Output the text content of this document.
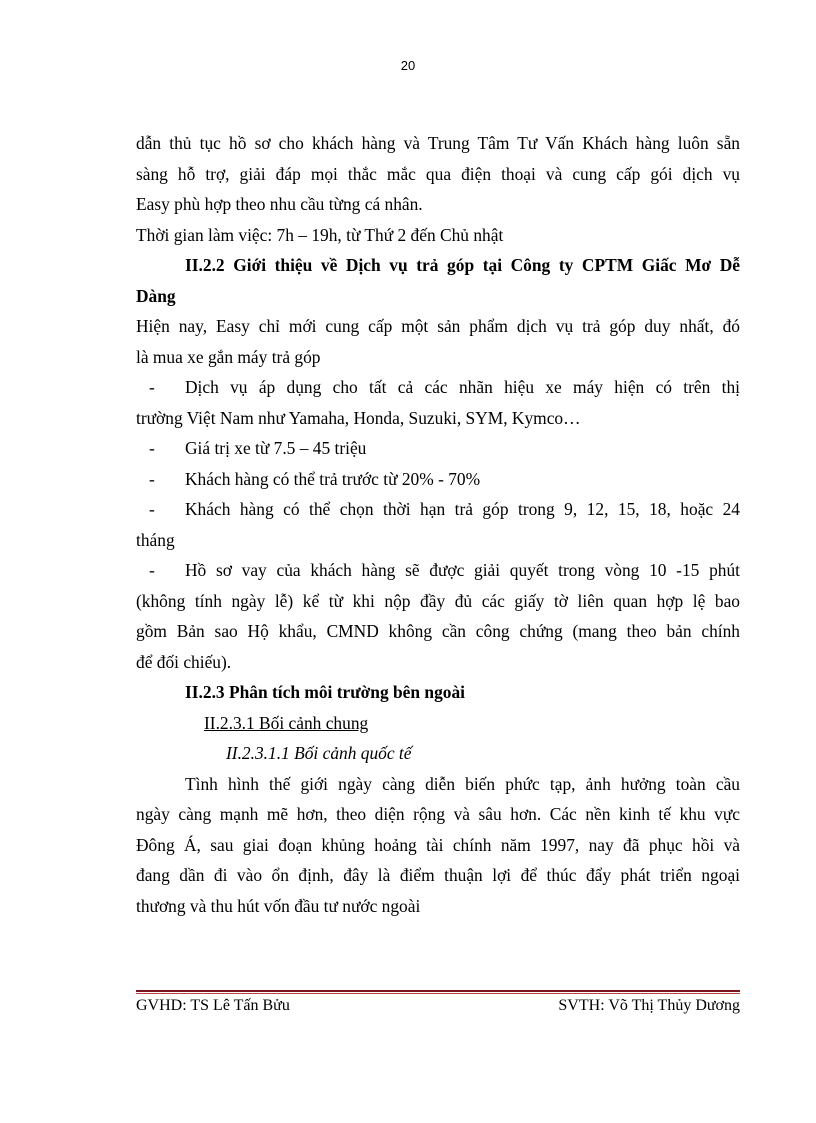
20
dẫn thủ tục hồ sơ cho khách hàng và Trung Tâm Tư Vấn Khách hàng luôn sẵn
sàng hỗ trợ, giải đáp mọi thắc mắc qua điện thoại và cung cấp gói dịch vụ
Easy phù hợp theo nhu cầu từng cá nhân.
Thời gian làm việc: 7h – 19h, từ Thứ 2 đến Chủ nhật
II.2.2 Giới thiệu về Dịch vụ trả góp tại Công ty CPTM Giấc Mơ Dễ
Dàng
Hiện nay, Easy chỉ mới cung cấp một sản phẩm dịch vụ trả góp duy nhất, đó
là mua xe gắn máy trả góp
-	Dịch vụ áp dụng cho tất cả các nhãn hiệu xe máy hiện có trên thị
trường Việt Nam như Yamaha, Honda, Suzuki, SYM, Kymco…
-	Giá trị xe từ 7.5 – 45 triệu
-	Khách hàng có thể trả trước từ 20% - 70%
-	Khách hàng có thể chọn thời hạn trả góp trong 9, 12, 15, 18, hoặc 24
tháng
-	Hồ sơ vay của khách hàng sẽ được giải quyết trong vòng 10 -15 phút
(không tính ngày lễ) kể từ khi nộp đầy đủ các giấy tờ liên quan hợp lệ bao
gồm Bản sao Hộ khẩu, CMND không cần công chứng (mang theo bản chính
để đối chiếu).
II.2.3 Phân tích môi trường bên ngoài
II.2.3.1 Bối cảnh chung
II.2.3.1.1 Bối cảnh quốc tế
Tình hình thế giới ngày càng diễn biến phức tạp, ảnh hưởng toàn cầu
ngày càng mạnh mẽ hơn, theo diện rộng và sâu hơn. Các nền kinh tế khu vực
Đông Á, sau giai đoạn khủng hoảng tài chính năm 1997, nay đã phục hồi và
đang dần đi vào ổn định, đây là điểm thuận lợi để thúc đẩy phát triển ngoại
thương và thu hút vốn đầu tư nước ngoài
GVHD: TS Lê Tấn Bửu	SVTH: Võ Thị Thủy Dương
